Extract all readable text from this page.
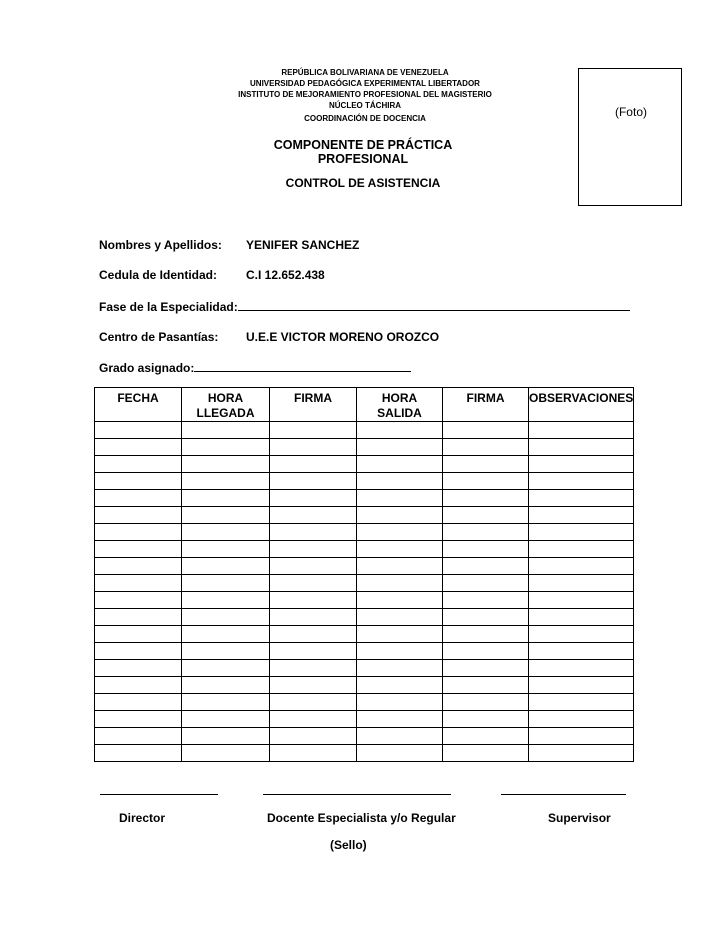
REPÚBLICA BOLIVARIANA DE VENEZUELA
UNIVERSIDAD PEDAGÓGICA EXPERIMENTAL LIBERTADOR
INSTITUTO DE MEJORAMIENTO PROFESIONAL DEL MAGISTERIO
NÚCLEO TÁCHIRA
COORDINACIÓN DE DOCENCIA	(Foto)
COMPONENTE DE PRÁCTICA PROFESIONAL
CONTROL DE ASISTENCIA
Nombres y Apellidos: YENIFER SANCHEZ
Cedula de Identidad: C.I 12.652.438
Fase de la Especialidad:
Centro de Pasantías: U.E.E VICTOR MORENO OROZCO
Grado asignado:
FECHA	HORA LLEGADA	FIRMA	HORA SALIDA	FIRMA	OBSERVACIONES

Director	Docente Especialista y/o Regular	Supervisor
(Sello)
